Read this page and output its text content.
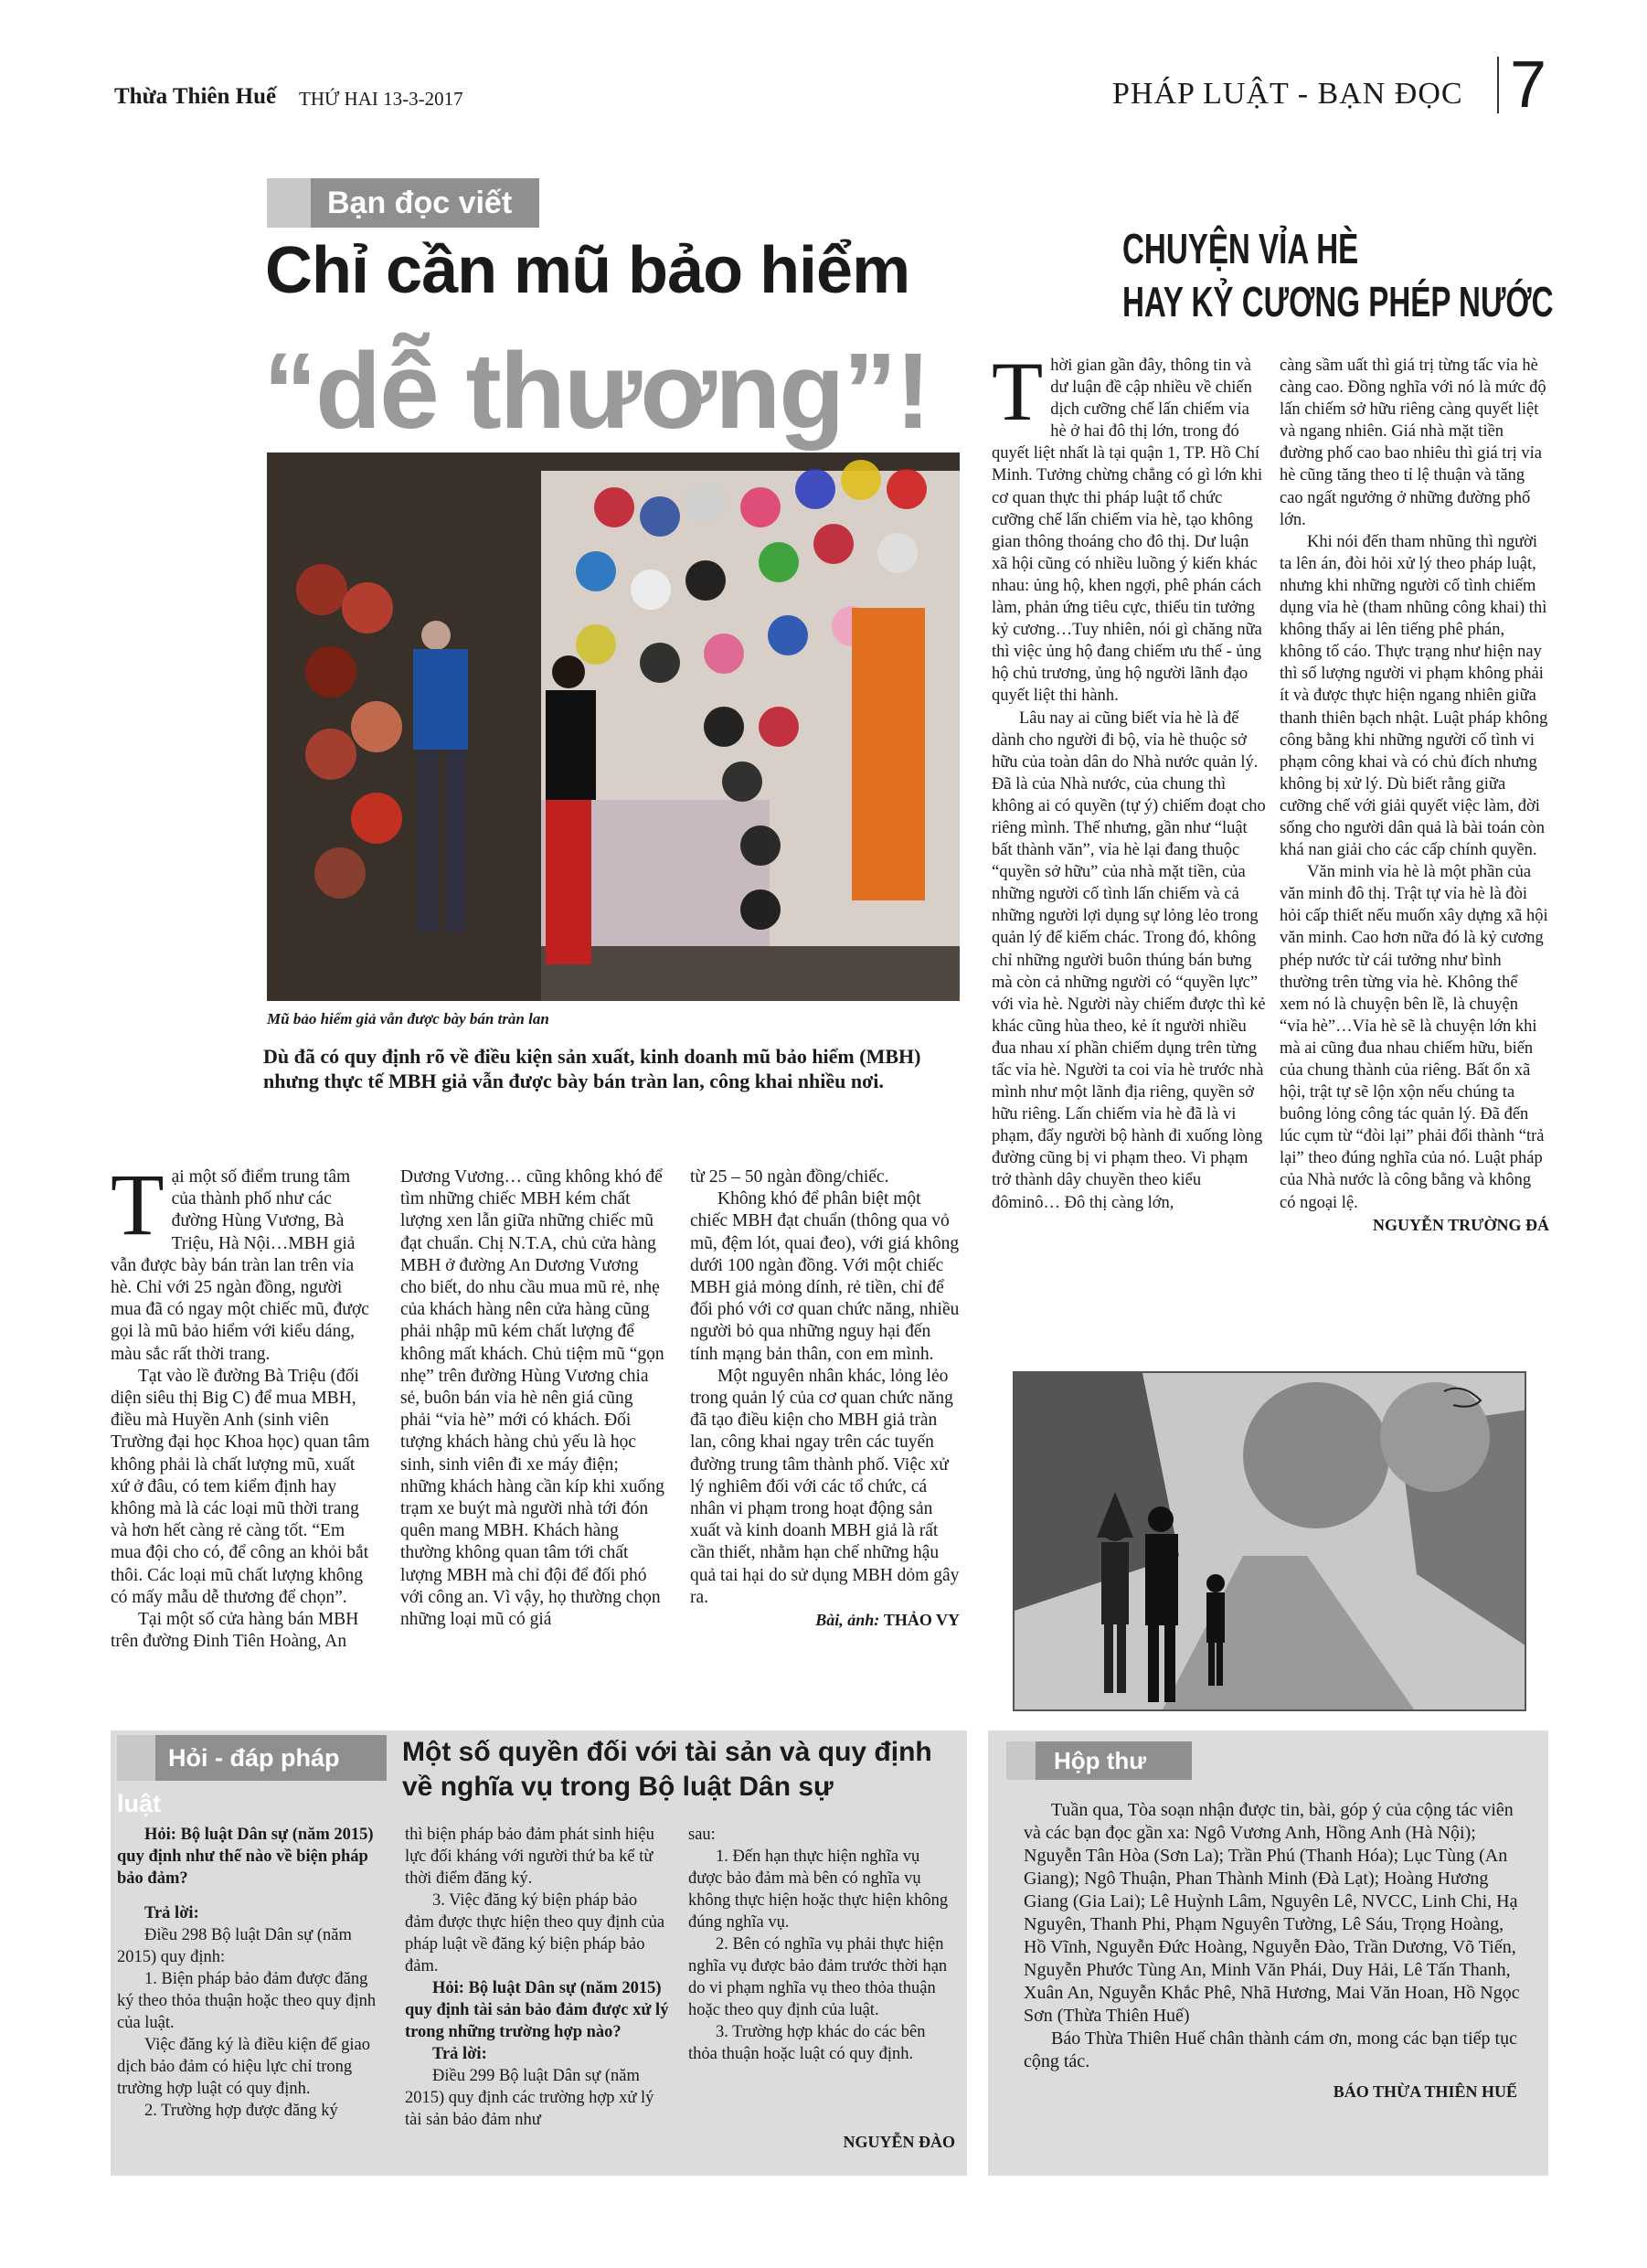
Thừa Thiên Huế THỨ HAI 13-3-2017	PHÁP LUẬT - BẠN ĐỌC 7
Bạn đọc viết
Chỉ cần mũ bảo hiểm
“dễ thương”!
Mũ bảo hiểm giả vẫn được bày bán tràn lan
Dù đã có quy định rõ về điều kiện sản xuất, kinh doanh mũ bảo hiểm (MBH) nhưng thực tế MBH giả vẫn được bày bán tràn lan, công khai nhiều nơi.
T ại một số điểm trung tâm của thành phố như các đường Hùng Vương, Bà Triệu, Hà Nội…MBH giả vẫn được bày bán tràn lan trên vỉa hè. Chỉ với 25 ngàn đồng, người mua đã có ngay một chiếc mũ, được gọi là mũ bảo hiểm với kiểu dáng, màu sắc rất thời trang.

Tạt vào lề đường Bà Triệu (đối diện siêu thị Big C) để mua MBH, điều mà Huyền Anh (sinh viên Trường đại học Khoa học) quan tâm không phải là chất lượng mũ, xuất xứ ở đâu, có tem kiểm định hay không mà là các loại mũ thời trang và hơn hết càng rẻ càng tốt. “Em mua đội cho có, để công an khỏi bắt thôi. Các loại mũ chất lượng không có mấy mẫu dễ thương để chọn”.

Tại một số cửa hàng bán MBH trên đường Đinh Tiên Hoàng, An

Dương Vương… cũng không khó để tìm những chiếc MBH kém chất lượng xen lẫn giữa những chiếc mũ đạt chuẩn. Chị N.T.A, chủ cửa hàng MBH ở đường An Dương Vương cho biết, do nhu cầu mua mũ rẻ, nhẹ của khách hàng nên cửa hàng cũng phải nhập mũ kém chất lượng để không mất khách. Chủ tiệm mũ “gọn nhẹ” trên đường Hùng Vương chia sẻ, buôn bán vỉa hè nên giá cũng phải “vỉa hè” mới có khách. Đối tượng khách hàng chủ yếu là học sinh, sinh viên đi xe máy điện; những khách hàng cần kíp khi xuống trạm xe buýt mà người nhà tới đón quên mang MBH. Khách hàng thường không quan tâm tới chất lượng MBH mà chỉ đội để đối phó với công an. Vì vậy, họ thường chọn những loại mũ có giá

từ 25 – 50 ngàn đồng/chiếc.

Không khó để phân biệt một chiếc MBH đạt chuẩn (thông qua vỏ mũ, đệm lót, quai đeo), với giá không dưới 100 ngàn đồng. Với một chiếc MBH giả mỏng dính, rẻ tiền, chỉ để đối phó với cơ quan chức năng, nhiều người bỏ qua những nguy hại đến tính mạng bản thân, con em mình.

Một nguyên nhân khác, lỏng lẻo trong quản lý của cơ quan chức năng đã tạo điều kiện cho MBH giả tràn lan, công khai ngay trên các tuyến đường trung tâm thành phố. Việc xử lý nghiêm đối với các tổ chức, cá nhân vi phạm trong hoạt động sản xuất và kinh doanh MBH giả là rất cần thiết, nhằm hạn chế những hậu quả tai hại do sử dụng MBH dỏm gây ra.

Bài, ảnh: THẢO VY
CHUYỆN VỈA HÈ
HAY KỶ CƯƠNG PHÉP NƯỚC
T hời gian gần đây, thông tin và dư luận đề cập nhiều về chiến dịch cưỡng chế lấn chiếm vỉa hè ở hai đô thị lớn, trong đó quyết liệt nhất là tại quận 1, TP. Hồ Chí Minh. Tưởng chừng chẳng có gì lớn khi cơ quan thực thi pháp luật tổ chức cưỡng chế lấn chiếm vỉa hè, tạo không gian thông thoáng cho đô thị. Dư luận xã hội cũng có nhiều luồng ý kiến khác nhau: ủng hộ, khen ngợi, phê phán cách làm, phản ứng tiêu cực, thiếu tin tưởng kỷ cương…Tuy nhiên, nói gì chăng nữa thì việc ủng hộ đang chiếm ưu thế - ủng hộ chủ trương, ủng hộ người lãnh đạo quyết liệt thi hành.

Lâu nay ai cũng biết vỉa hè là để dành cho người đi bộ, vỉa hè thuộc sở hữu của toàn dân do Nhà nước quản lý. Đã là của Nhà nước, của chung thì không ai có quyền (tự ý) chiếm đoạt cho riêng mình. Thế nhưng, gần như “luật bất thành văn”, vỉa hè lại đang thuộc “quyền sở hữu” của nhà mặt tiền, của những người cố tình lấn chiếm và cả những người lợi dụng sự lỏng lẻo trong quản lý để kiếm chác. Trong đó, không chỉ những người buôn thúng bán bưng mà còn cả những người có “quyền lực” với vỉa hè. Người này chiếm được thì kẻ khác cũng hùa theo, kẻ ít người nhiều đua nhau xí phần chiếm dụng trên từng tấc vỉa hè. Người ta coi vỉa hè trước nhà mình như một lãnh địa riêng, quyền sở hữu riêng. Lấn chiếm vỉa hè đã là vi phạm, đẩy người bộ hành đi xuống lòng đường cũng bị vi phạm theo. Vi phạm trở thành dây chuyền theo kiểu đôminô… Đô thị càng lớn,

càng sầm uất thì giá trị từng tấc vỉa hè càng cao. Đồng nghĩa với nó là mức độ lấn chiếm sở hữu riêng càng quyết liệt và ngang nhiên. Giá nhà mặt tiền đường phố cao bao nhiêu thì giá trị vỉa hè cũng tăng theo tỉ lệ thuận và tăng cao ngất ngưởng ở những đường phố lớn.

Khi nói đến tham nhũng thì người ta lên án, đòi hỏi xử lý theo pháp luật, nhưng khi những người cố tình chiếm dụng vỉa hè (tham nhũng công khai) thì không thấy ai lên tiếng phê phán, không tố cáo. Thực trạng như hiện nay thì số lượng người vi phạm không phải ít và được thực hiện ngang nhiên giữa thanh thiên bạch nhật. Luật pháp không công bằng khi những người cố tình vi phạm công khai và có chủ đích nhưng không bị xử lý. Dù biết rằng giữa cưỡng chế với giải quyết việc làm, đời sống cho người dân quả là bài toán còn khá nan giải cho các cấp chính quyền.

Văn minh vỉa hè là một phần của văn minh đô thị. Trật tự vỉa hè là đòi hỏi cấp thiết nếu muốn xây dựng xã hội văn minh. Cao hơn nữa đó là kỷ cương phép nước từ cái tưởng như bình thường trên từng vỉa hè. Không thể xem nó là chuyện bên lề, là chuyện “vỉa hè”…Vỉa hè sẽ là chuyện lớn khi mà ai cũng đua nhau chiếm hữu, biến của chung thành của riêng. Bất ổn xã hội, trật tự sẽ lộn xộn nếu chúng ta buông lỏng công tác quản lý. Đã đến lúc cụm từ “đòi lại” phải đổi thành “trả lại” theo đúng nghĩa của nó. Luật pháp của Nhà nước là công bằng và không có ngoại lệ.

NGUYỄN TRƯỜNG ĐÁ
Hỏi - đáp pháp luật
Một số quyền đối với tài sản và quy định về nghĩa vụ trong Bộ luật Dân sự

Hỏi: Bộ luật Dân sự (năm 2015) quy định như thế nào về biện pháp bảo đảm?

Trả lời:

Điều 298 Bộ luật Dân sự (năm 2015) quy định:

1. Biện pháp bảo đảm được đăng ký theo thỏa thuận hoặc theo quy định của luật.

Việc đăng ký là điều kiện để giao dịch bảo đảm có hiệu lực chỉ trong trường hợp luật có quy định.

2. Trường hợp được đăng ký

thì biện pháp bảo đảm phát sinh hiệu lực đối kháng với người thứ ba kể từ thời điểm đăng ký.

3. Việc đăng ký biện pháp bảo đảm được thực hiện theo quy định của pháp luật về đăng ký biện pháp bảo đảm.

Hỏi: Bộ luật Dân sự (năm 2015) quy định tài sản bảo đảm được xử lý trong những trường hợp nào?

Trả lời:

Điều 299 Bộ luật Dân sự (năm 2015) quy định các trường hợp xử lý tài sản bảo đảm như

sau:

1. Đến hạn thực hiện nghĩa vụ được bảo đảm mà bên có nghĩa vụ không thực hiện hoặc thực hiện không đúng nghĩa vụ.

2. Bên có nghĩa vụ phải thực hiện nghĩa vụ được bảo đảm trước thời hạn do vi phạm nghĩa vụ theo thỏa thuận hoặc theo quy định của luật.

3. Trường hợp khác do các bên thỏa thuận hoặc luật có quy định.

NGUYỄN ĐÀO
Hộp thư

Tuần qua, Tòa soạn nhận được tin, bài, góp ý của cộng tác viên và các bạn đọc gần xa: Ngô Vương Anh, Hồng Anh (Hà Nội); Nguyễn Tân Hòa (Sơn La); Trần Phú (Thanh Hóa); Lục Tùng (An Giang); Ngô Thuận, Phan Thành Minh (Đà Lạt); Hoàng Hương Giang (Gia Lai); Lê Huỳnh Lâm, Nguyên Lê, NVCC, Linh Chi, Hạ Nguyên, Thanh Phi, Phạm Nguyên Tường, Lê Sáu, Trọng Hoàng, Hồ Vĩnh, Nguyễn Đức Hoàng, Nguyễn Đào, Trần Dương, Võ Tiến, Nguyễn Phước Tùng An, Minh Văn Phái, Duy Hải, Lê Tấn Thanh, Xuân An, Nguyễn Khắc Phê, Nhã Hương, Mai Văn Hoan, Hồ Ngọc Sơn (Thừa Thiên Huế)

Báo Thừa Thiên Huế chân thành cám ơn, mong các bạn tiếp tục cộng tác.

BÁO THỪA THIÊN HUẾ
